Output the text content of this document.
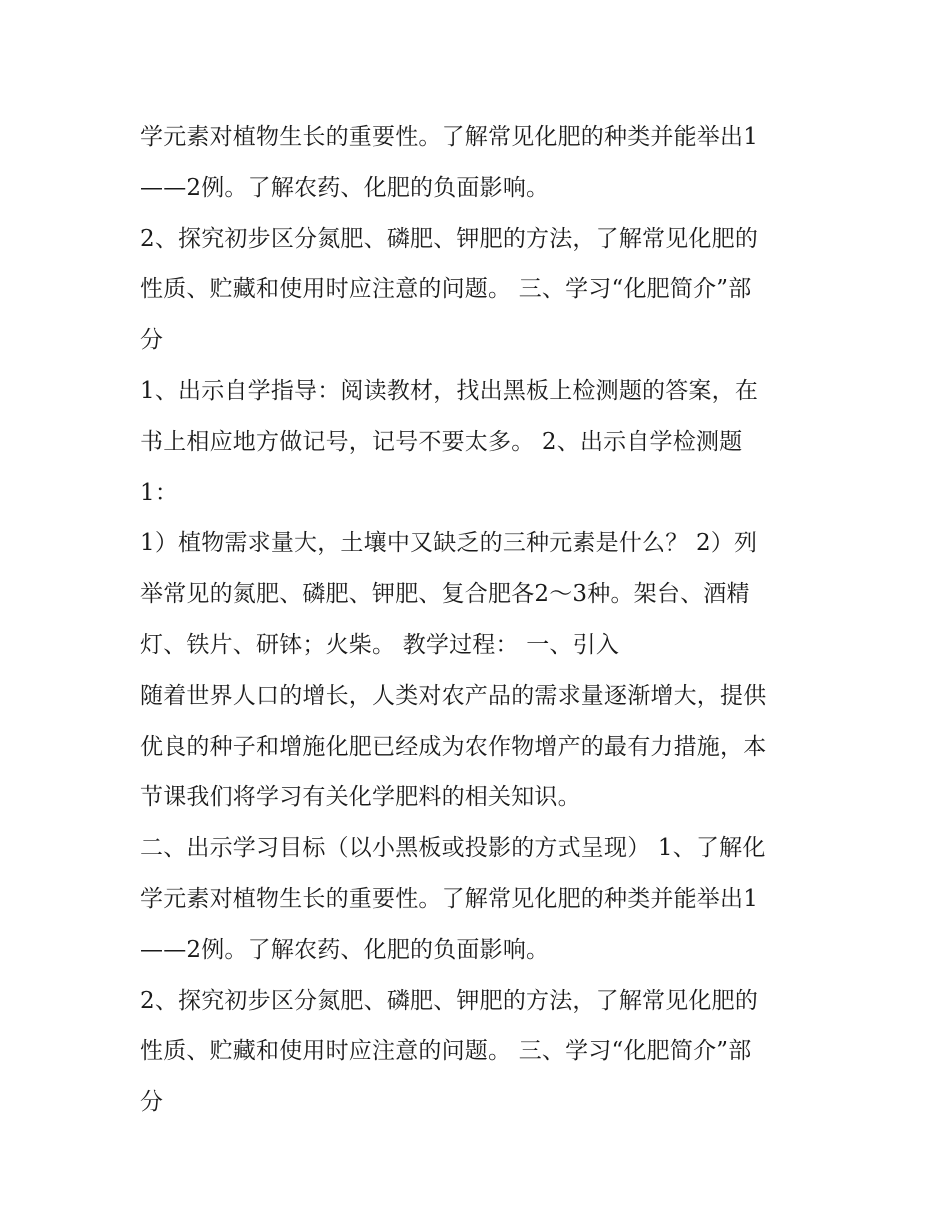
学元素对植物生长的重要性。了解常见化肥的种类并能举出1
——2例。了解农药、化肥的负面影响。
2、探究初步区分氮肥、磷肥、钾肥的方法，了解常见化肥的
性质、贮藏和使用时应注意的问题。 三、学习“化肥简介”部
分
1、出示自学指导：阅读教材，找出黑板上检测题的答案，在
书上相应地方做记号，记号不要太多。 2、出示自学检测题
1：
1）植物需求量大，土壤中又缺乏的三种元素是什么？ 2）列
举常见的氮肥、磷肥、钾肥、复合肥各2～3种。架台、酒精
灯、铁片、研钵；火柴。 教学过程： 一、引入
随着世界人口的增长，人类对农产品的需求量逐渐增大，提供
优良的种子和增施化肥已经成为农作物增产的最有力措施，本
节课我们将学习有关化学肥料的相关知识。
二、出示学习目标（以小黑板或投影的方式呈现） 1、了解化
学元素对植物生长的重要性。了解常见化肥的种类并能举出1
——2例。了解农药、化肥的负面影响。
2、探究初步区分氮肥、磷肥、钾肥的方法，了解常见化肥的
性质、贮藏和使用时应注意的问题。 三、学习“化肥简介”部
分
